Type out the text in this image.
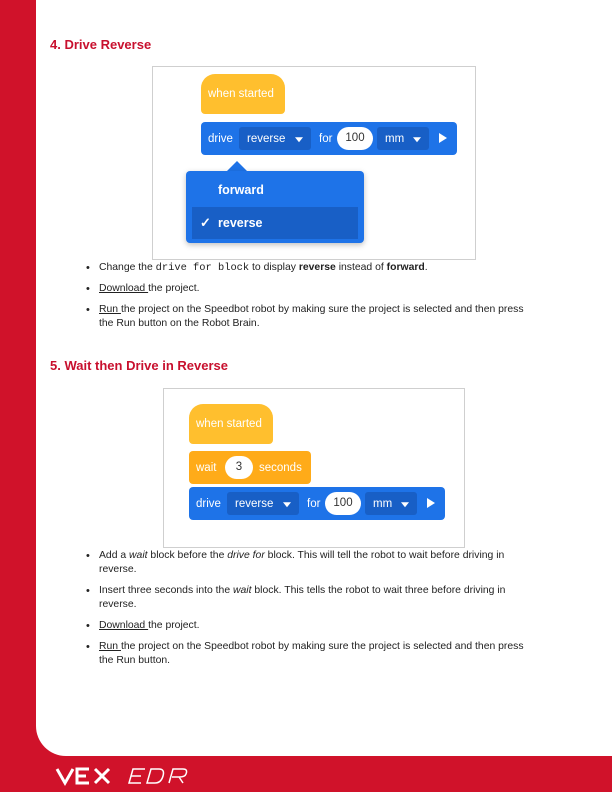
4. Drive Reverse
when started
drive reverse	for	100	mm
forward
✓ reverse
• Change the drive for block to display reverse instead of forward.
• Download the project.
• Run the project on the Speedbot robot by making sure the project is selected and then press the Run button on the Robot Brain.
5. Wait then Drive in Reverse
when started
wait	3	seconds
drive reverse	for	100	mm
• Add a wait block before the drive for block. This will tell the robot to wait before driving in reverse.
• Insert three seconds into the wait block. This tells the robot to wait three before driving in reverse.
• Download the project.
• Run the project on the Speedbot robot by making sure the project is selected and then press the Run button.
